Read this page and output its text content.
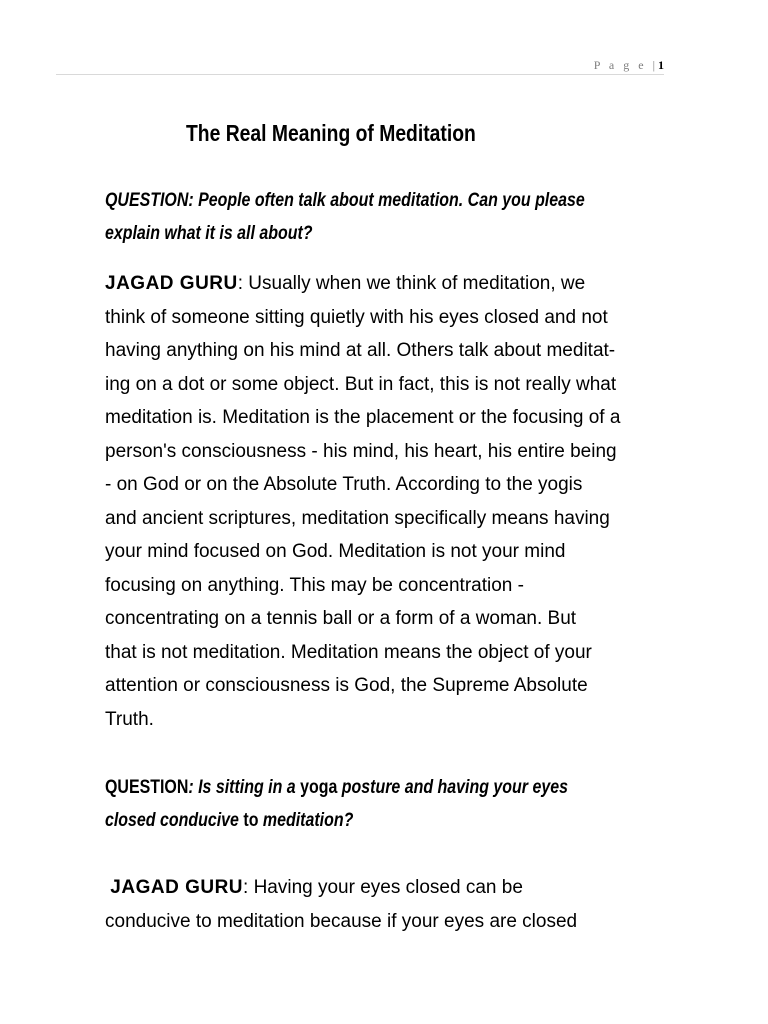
P a g e |1
The Real Meaning of Meditation

QUESTION: People often talk about meditation. Can you please
explain what it is all about?

JAGAD GURU: Usually when we think of meditation, we
think of someone sitting quietly with his eyes closed and not
having anything on his mind at all. Others talk about meditat-
ing on a dot or some object. But in fact, this is not really what
meditation is. Meditation is the placement or the focusing of a
person's consciousness - his mind, his heart, his entire being
- on God or on the Absolute Truth. According to the yogis
and ancient scriptures, meditation specifically means having
your mind focused on God. Meditation is not your mind
focusing on anything. This may be concentration -
concentrating on a tennis ball or a form of a woman. But
that is not meditation. Meditation means the object of your
attention or consciousness is God, the Supreme Absolute
Truth.

QUESTION: Is sitting in a yoga posture and having your eyes
closed conducive to meditation?

JAGAD GURU: Having your eyes closed can be
conducive to meditation because if your eyes are closed
